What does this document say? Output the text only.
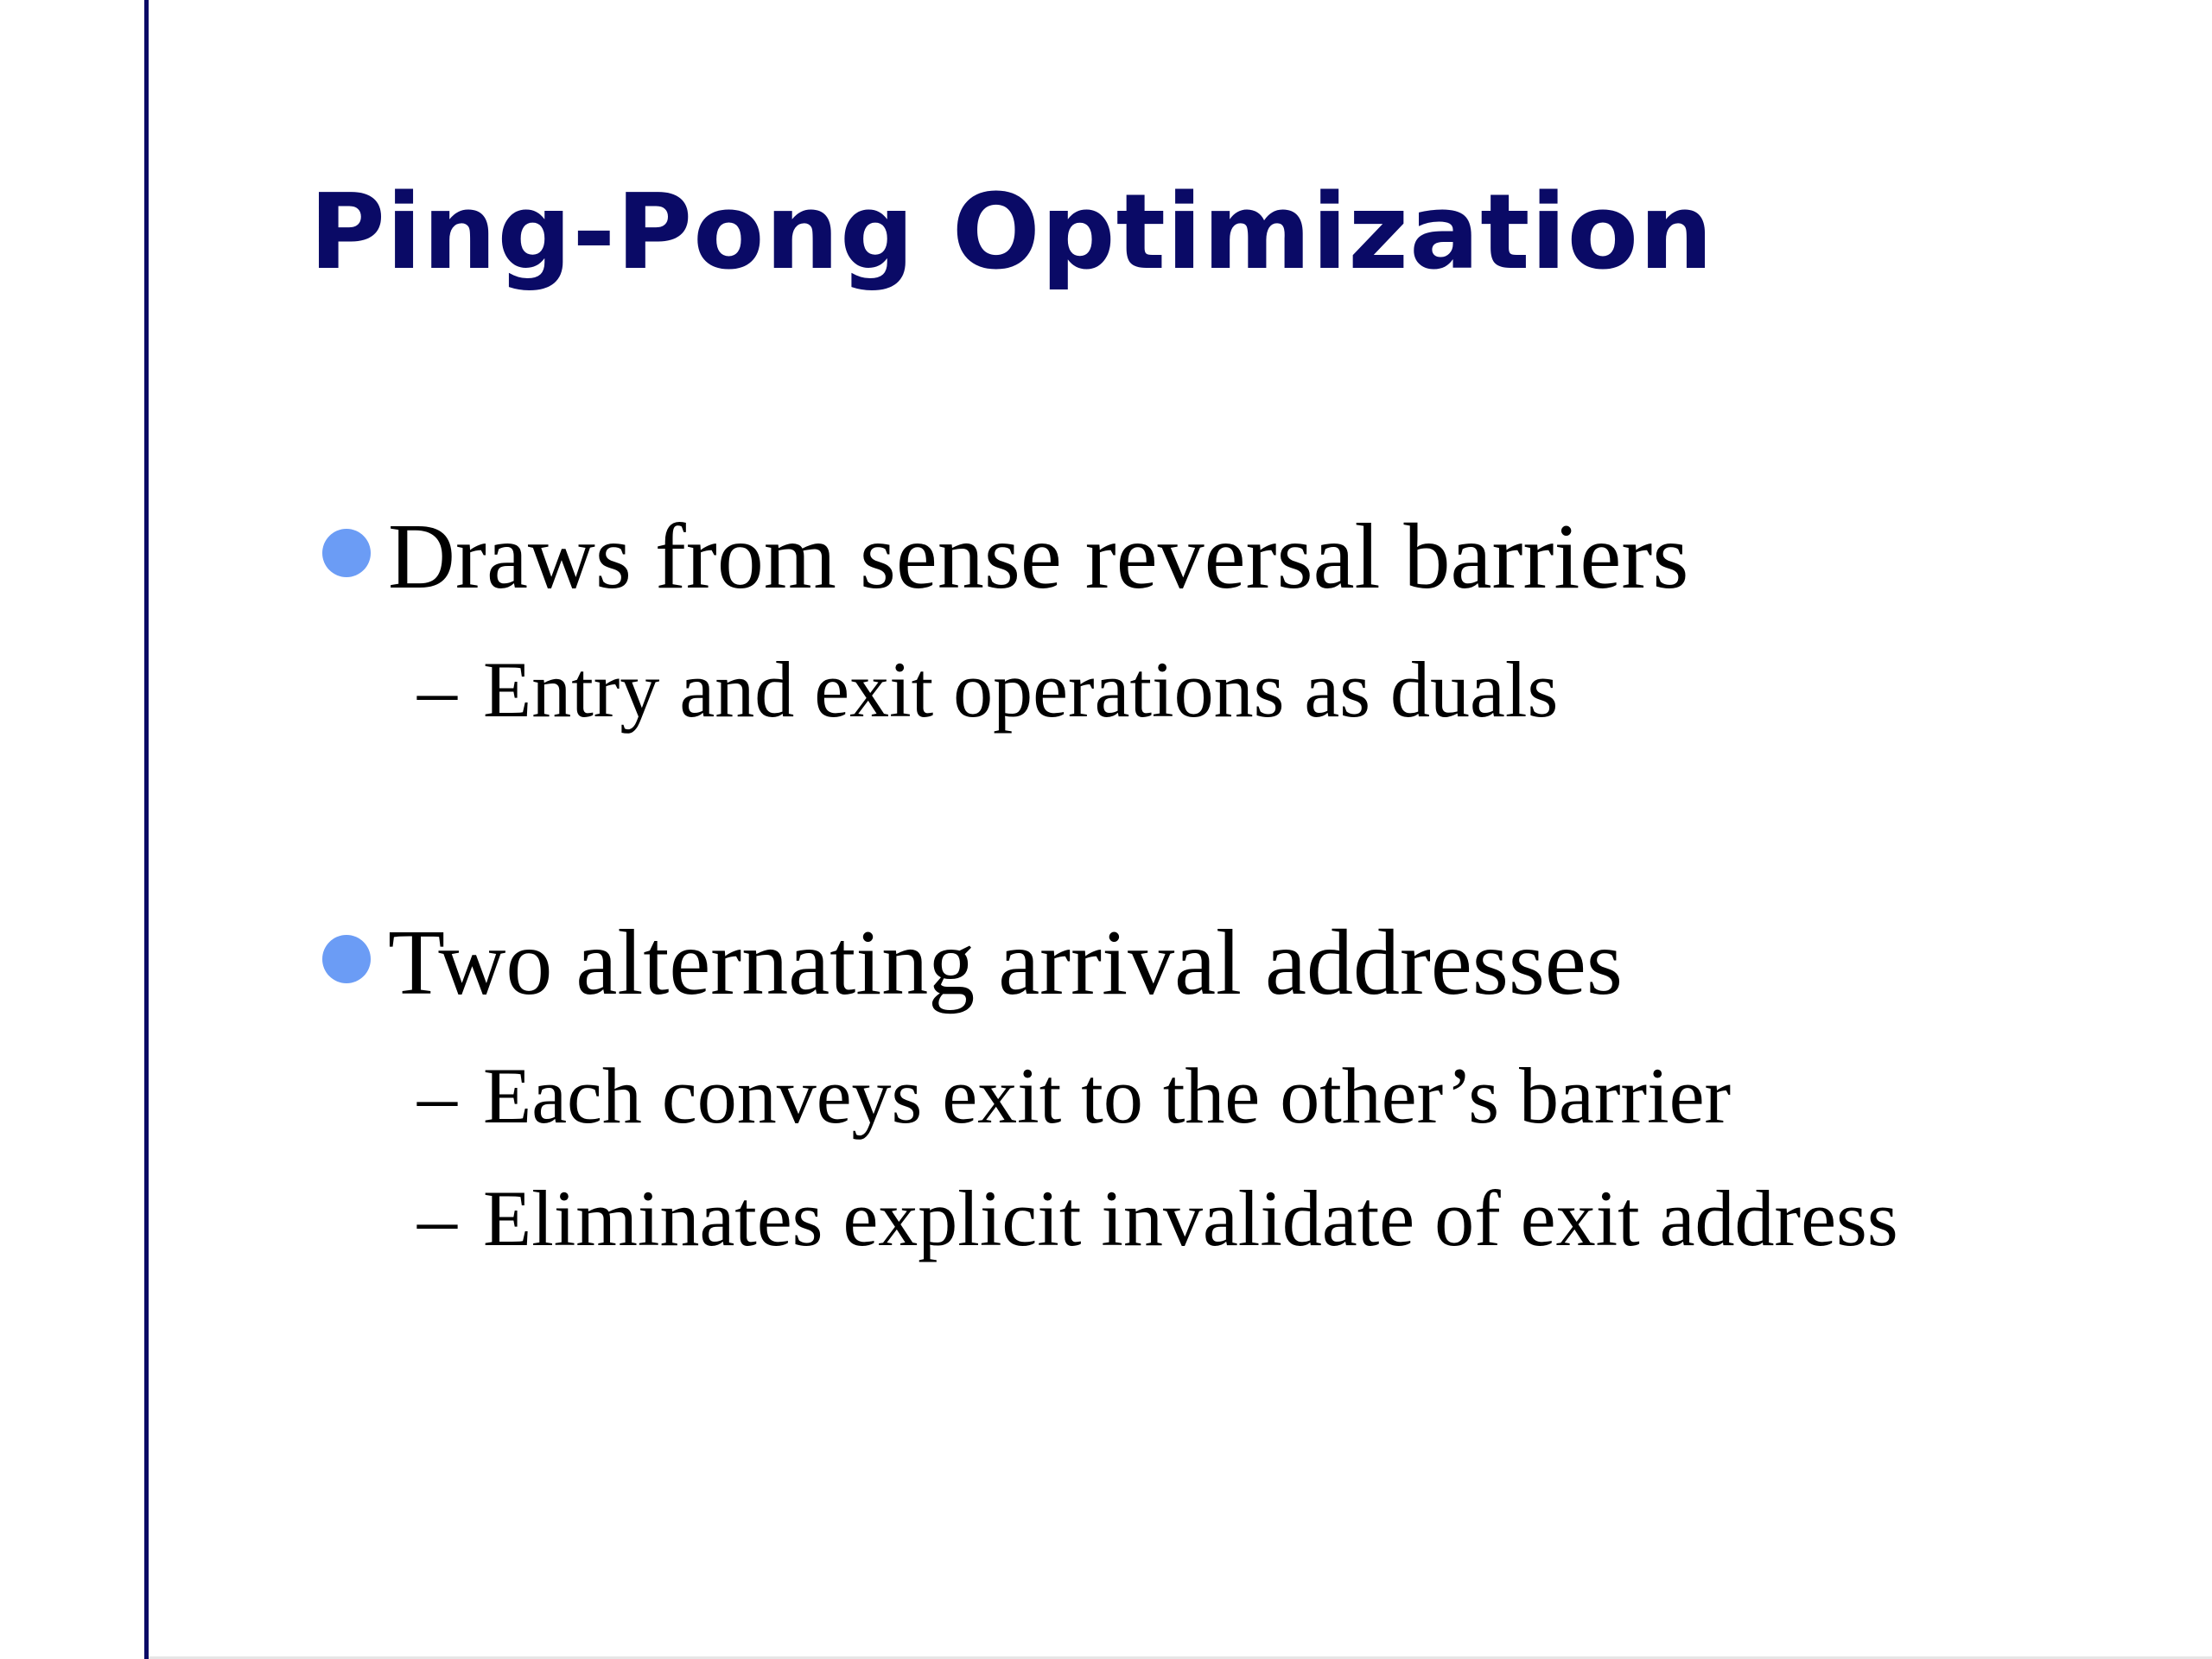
Ping-Pong Optimization
Draws from sense reversal barriers
– Entry and exit operations as duals
Two alternating arrival addresses
– Each conveys exit to the other’s barrier
– Eliminates explicit invalidate of exit address
